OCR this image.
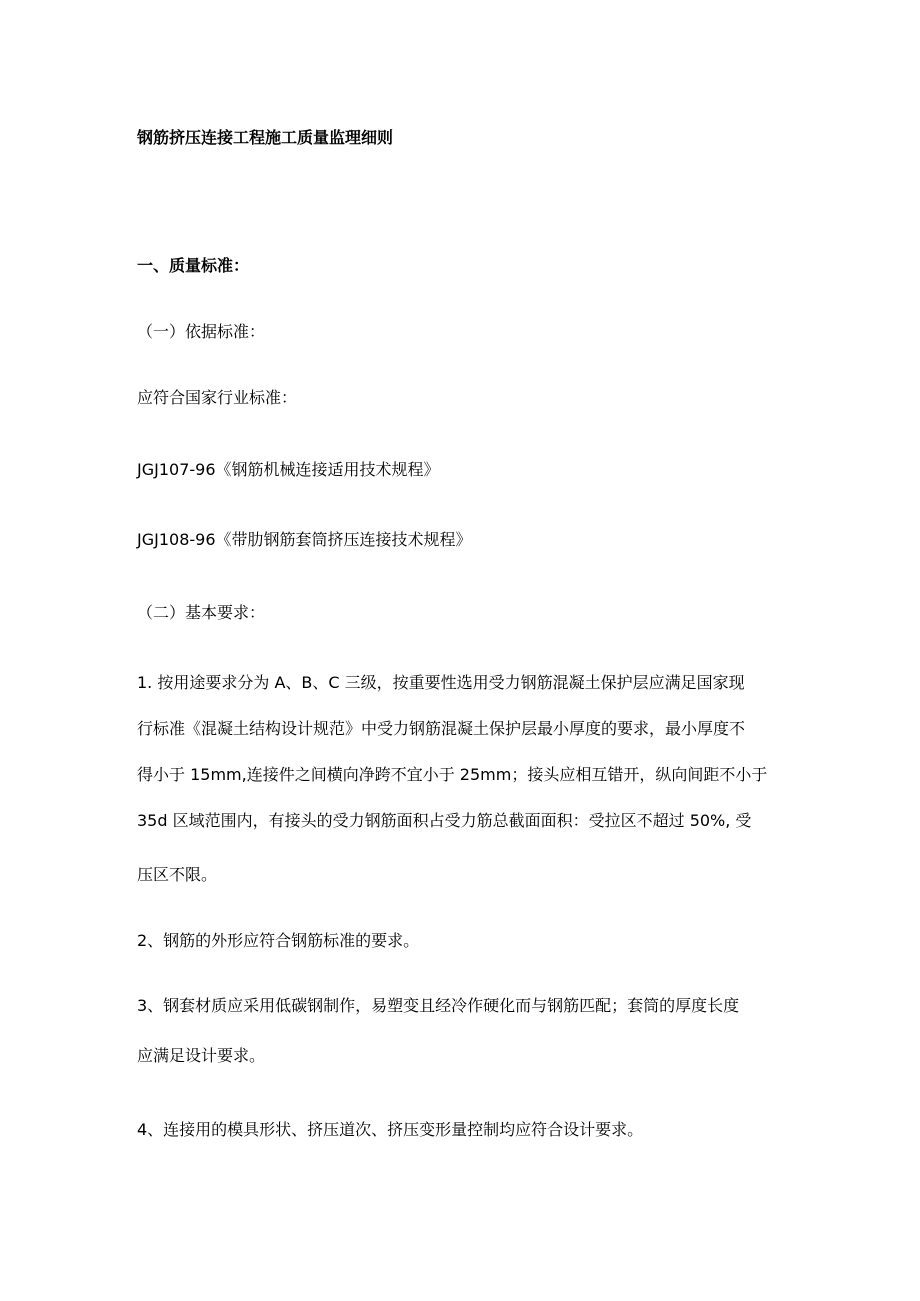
钢筋挤压连接工程施工质量监理细则
一、质量标准：
（一）依据标准：
应符合国家行业标准：
JGJ107-96《钢筋机械连接适用技术规程》
JGJ108-96《带肋钢筋套筒挤压连接技术规程》
（二）基本要求：
1. 按用途要求分为 A、B、C 三级，按重要性选用受力钢筋混凝土保护层应满足国家现
行标准《混凝土结构设计规范》中受力钢筋混凝土保护层最小厚度的要求，最小厚度不
得小于 15mm,连接件之间横向净跨不宜小于 25mm；接头应相互错开，纵向间距不小于
35d 区域范围内，有接头的受力钢筋面积占受力筋总截面面积：受拉区不超过 50%, 受
压区不限。
2、钢筋的外形应符合钢筋标准的要求。
3、钢套材质应采用低碳钢制作，易塑变且经冷作硬化而与钢筋匹配；套筒的厚度长度
应满足设计要求。
4、连接用的模具形状、挤压道次、挤压变形量控制均应符合设计要求。
